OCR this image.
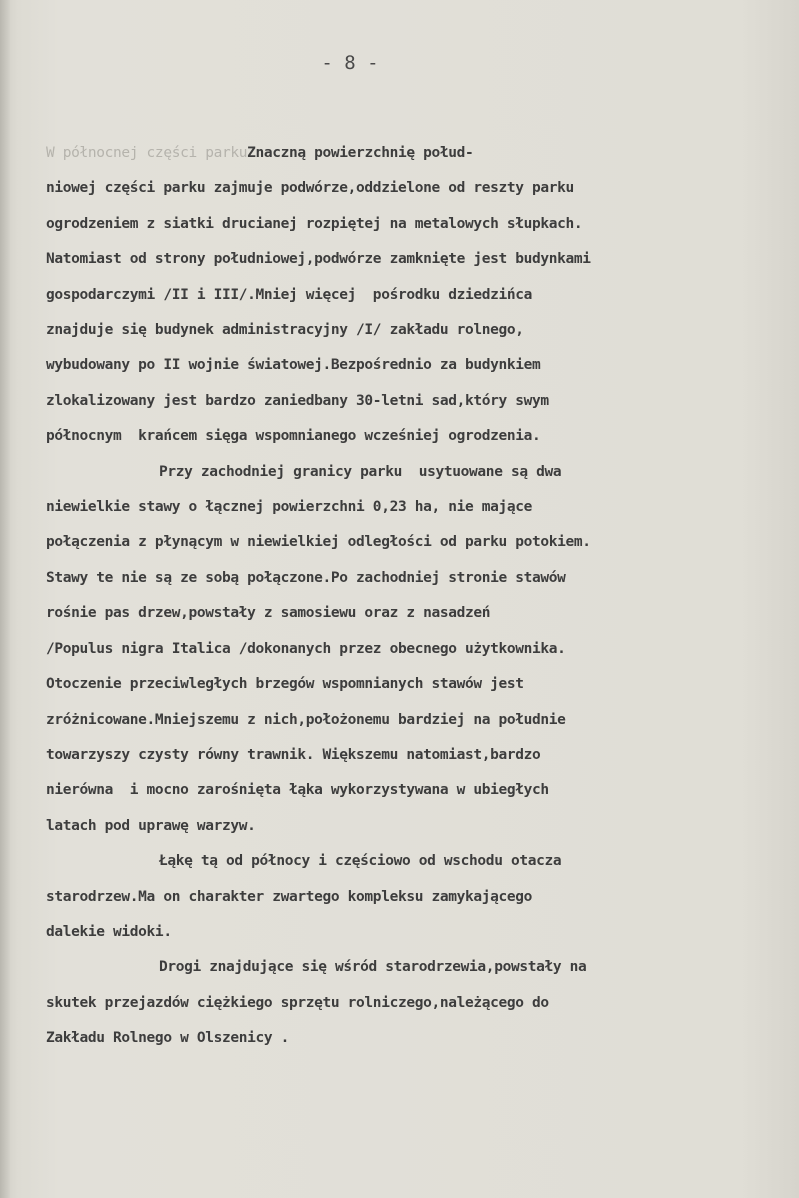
- 8 -
W północnej części parkuZnaczną powierzchnię połud-
niowej części parku zajmuje podwórze,oddzielone od reszty parku
ogrodzeniem z siatki drucianej rozpiętej na metalowych słupkach.
Natomiast od strony południowej,podwórze zamknięte jest budynkami
gospodarczymi /II i III/.Mniej więcej  pośrodku dziedzińca
znajduje się budynek administracyjny /I/ zakładu rolnego,
wybudowany po II wojnie światowej.Bezpośrednio za budynkiem
zlokalizowany jest bardzo zaniedbany 30-letni sad,który swym
północnym  krańcem sięga wspomnianego wcześniej ogrodzenia.
Przy zachodniej granicy parku  usytuowane są dwa
niewielkie stawy o łącznej powierzchni 0,23 ha, nie mające
połączenia z płynącym w niewielkiej odległości od parku potokiem.
Stawy te nie są ze sobą połączone.Po zachodniej stronie stawów
rośnie pas drzew,powstały z samosiewu oraz z nasadzeń
/Populus nigra Italica /dokonanych przez obecnego użytkownika.
Otoczenie przeciwległych brzegów wspomnianych stawów jest
zróżnicowane.Mniejszemu z nich,położonemu bardziej na południe
towarzyszy czysty równy trawnik. Większemu natomiast,bardzo
nierówna  i mocno zarośnięta łąka wykorzystywana w ubiegłych
latach pod uprawę warzyw.
Łąkę tą od północy i częściowo od wschodu otacza
starodrzew.Ma on charakter zwartego kompleksu zamykającego
dalekie widoki.
Drogi znajdujące się wśród starodrzewia,powstały na
skutek przejazdów ciężkiego sprzętu rolniczego,należącego do
Zakładu Rolnego w Olszenicy .
